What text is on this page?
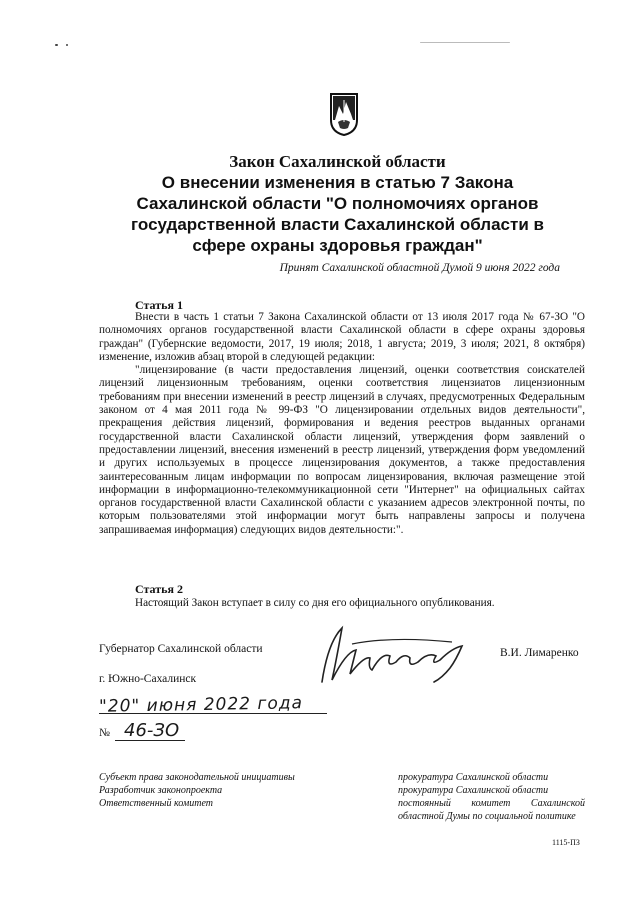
Закон Сахалинской области
О внесении изменения в статью 7 Закона
Сахалинской области "О полномочиях органов
государственной власти Сахалинской области в
сфере охраны здоровья граждан"
Принят Сахалинской областной Думой 9 июня 2022 года
Статья 1

Внести в часть 1 статьи 7 Закона Сахалинской области от 13 июля 2017 года № 67-ЗО "О полномочиях органов государственной власти Сахалинской области в сфере охраны здоровья граждан" (Губернские ведомости, 2017, 19 июля; 2018, 1 августа; 2019, 3 июля; 2021, 8 октября) изменение, изложив абзац второй в следующей редакции:

"лицензирование (в части предоставления лицензий, оценки соответствия соискателей лицензий лицензионным требованиям, оценки соответствия лицензиатов лицензионным требованиям при внесении изменений в реестр лицензий в случаях, предусмотренных Федеральным законом от 4 мая 2011 года № 99-ФЗ "О лицензировании отдельных видов деятельности", прекращения действия лицензий, формирования и ведения реестров выданных органами государственной власти Сахалинской области лицензий, утверждения форм заявлений о предоставлении лицензий, внесения изменений в реестр лицензий, утверждения форм уведомлений и других используемых в процессе лицензирования документов, а также предоставления заинтересованным лицам информации по вопросам лицензирования, включая размещение этой информации в информационно-телекоммуникационной сети "Интернет" на официальных сайтах органов государственной власти Сахалинской области с указанием адресов электронной почты, по которым пользователями этой информации могут быть направлены запросы и получена запрашиваемая информация) следующих видов деятельности:".

Статья 2

Настоящий Закон вступает в силу со дня его официального опубликования.

Губернатор Сахалинской области	В.И. Лимаренко
г. Южно-Сахалинск
"20" июня 2022 года
№ 46-ЗО
Субъект права законодательной инициативы
Разработчик законопроекта
Ответственный комитет
прокуратура Сахалинской области
прокуратура Сахалинской области
постоянный комитет Сахалинской областной Думы по социальной политике
1115-ПЗ
